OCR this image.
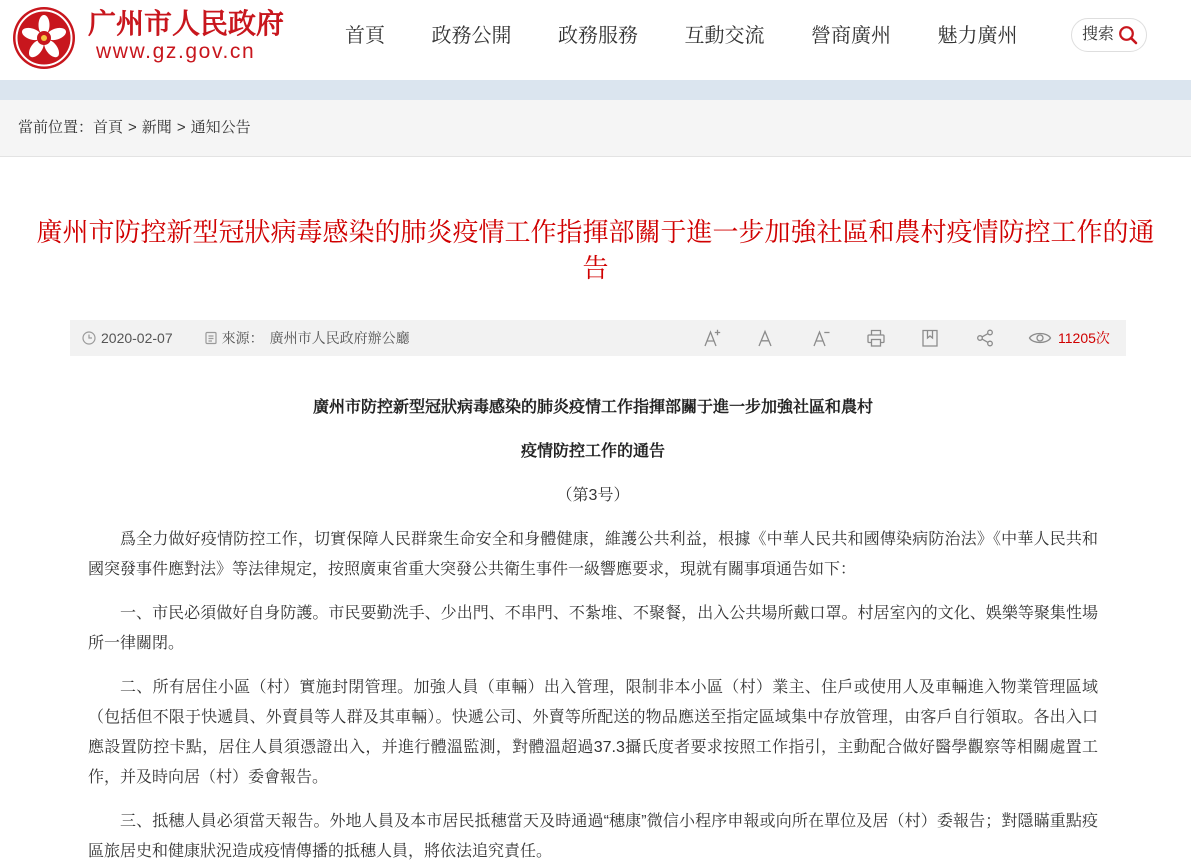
广州市人民政府
www.gz.gov.cn
首頁 政務公開 政務服務 互動交流 營商廣州 魅力廣州	搜索
當前位置：首頁 > 新聞 > 通知公告
廣州市防控新型冠狀病毒感染的肺炎疫情工作指揮部關于進一步加強社區和農村疫情防控工作的通告
2020-02-07	來源： 廣州市人民政府辦公廳	11205次

廣州市防控新型冠狀病毒感染的肺炎疫情工作指揮部關于進一步加強社區和農村

疫情防控工作的通告

（第3号）

爲全力做好疫情防控工作，切實保障人民群衆生命安全和身體健康，維護公共利益，根據《中華人民共和國傳染病防治法》《中華人民共和國突發事件應對法》等法律規定，按照廣東省重大突發公共衛生事件一級響應要求，現就有關事項通告如下：

一、市民必須做好自身防護。市民要勤洗手、少出門、不串門、不紮堆、不聚餐，出入公共場所戴口罩。村居室內的文化、娛樂等聚集性場所一律關閉。

二、所有居住小區（村）實施封閉管理。加強人員（車輛）出入管理，限制非本小區（村）業主、住戶或使用人及車輛進入物業管理區域（包括但不限于快遞員、外賣員等人群及其車輛）。快遞公司、外賣等所配送的物品應送至指定區域集中存放管理，由客戶自行領取。各出入口應設置防控卡點，居住人員須憑證出入，并進行體溫監測，對體溫超過37.3攝氏度者要求按照工作指引，主動配合做好醫學觀察等相關處置工作，并及時向居（村）委會報告。

三、抵穗人員必須當天報告。外地人員及本市居民抵穗當天及時通過“穗康”微信小程序申報或向所在單位及居（村）委報告；對隱瞞重點疫區旅居史和健康狀況造成疫情傳播的抵穗人員，將依法追究責任。
